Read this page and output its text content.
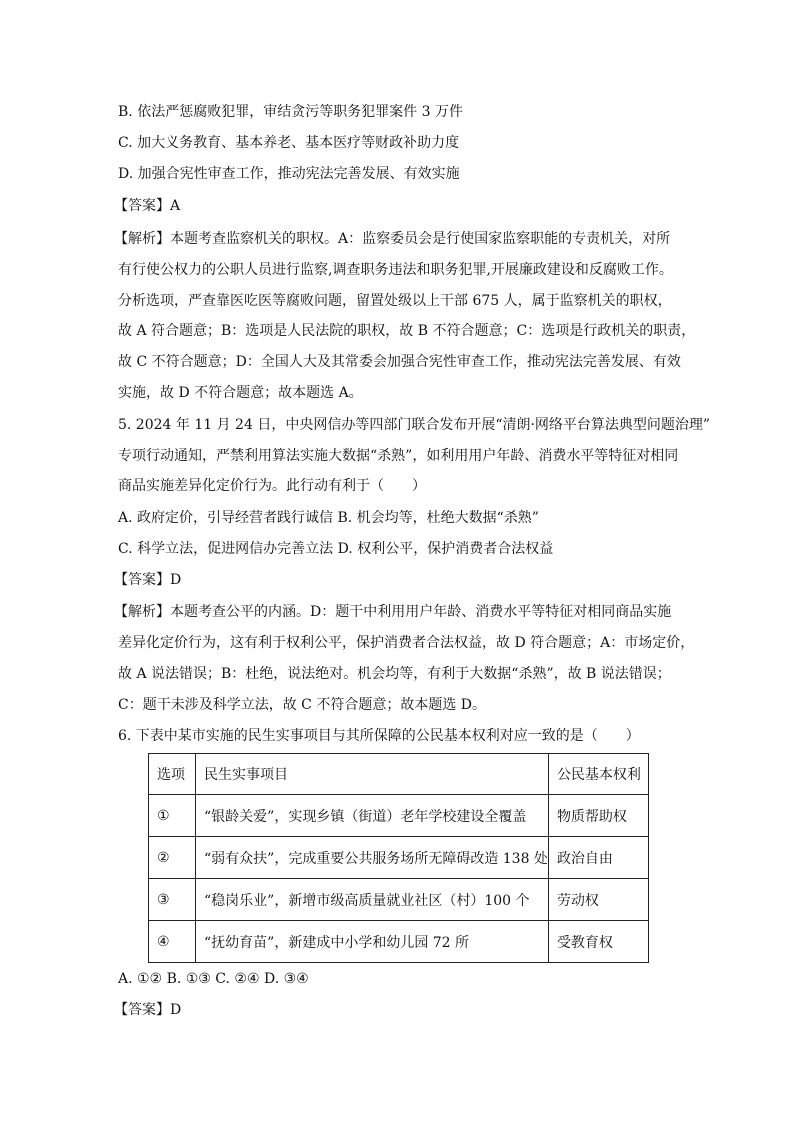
B. 依法严惩腐败犯罪，审结贪污等职务犯罪案件 3 万件
C. 加大义务教育、基本养老、基本医疗等财政补助力度
D. 加强合宪性审查工作，推动宪法完善发展、有效实施
【答案】A
【解析】本题考查监察机关的职权。A：监察委员会是行使国家监察职能的专责机关，对所
有行使公权力的公职人员进行监察,调查职务违法和职务犯罪,开展廉政建设和反腐败工作。
分析选项，严查靠医吃医等腐败问题，留置处级以上干部 675 人，属于监察机关的职权，
故 A 符合题意；B：选项是人民法院的职权，故 B 不符合题意；C：选项是行政机关的职责，
故 C 不符合题意；D：全国人大及其常委会加强合宪性审查工作，推动宪法完善发展、有效
实施，故 D 不符合题意；故本题选 A。
5. 2024 年 11 月 24 日，中央网信办等四部门联合发布开展“清朗·网络平台算法典型问题治理”
专项行动通知，严禁利用算法实施大数据“杀熟”，如利用用户年龄、消费水平等特征对相同
商品实施差异化定价行为。此行动有利于（　　）
A. 政府定价，引导经营者践行诚信 B. 机会均等，杜绝大数据“杀熟”
C. 科学立法，促进网信办完善立法 D. 权利公平，保护消费者合法权益
【答案】D
【解析】本题考查公平的内涵。D：题干中利用用户年龄、消费水平等特征对相同商品实施
差异化定价行为，这有利于权利公平，保护消费者合法权益，故 D 符合题意；A：市场定价，
故 A 说法错误；B：杜绝，说法绝对。机会均等，有利于大数据“杀熟”，故 B 说法错误；
C：题干未涉及科学立法，故 C 不符合题意；故本题选 D。
6. 下表中某市实施的民生实事项目与其所保障的公民基本权利对应一致的是（　　）
选项	民生实事项目	公民基本权利
①	“银龄关爱”，实现乡镇（街道）老年学校建设全覆盖	物质帮助权
②	“弱有众扶”，完成重要公共服务场所无障碍改造 138 处	政治自由
③	“稳岗乐业”，新增市级高质量就业社区（村）100 个	劳动权
④	“抚幼育苗”，新建成中小学和幼儿园 72 所	受教育权
A. ①② B. ①③ C. ②④ D. ③④
【答案】D
